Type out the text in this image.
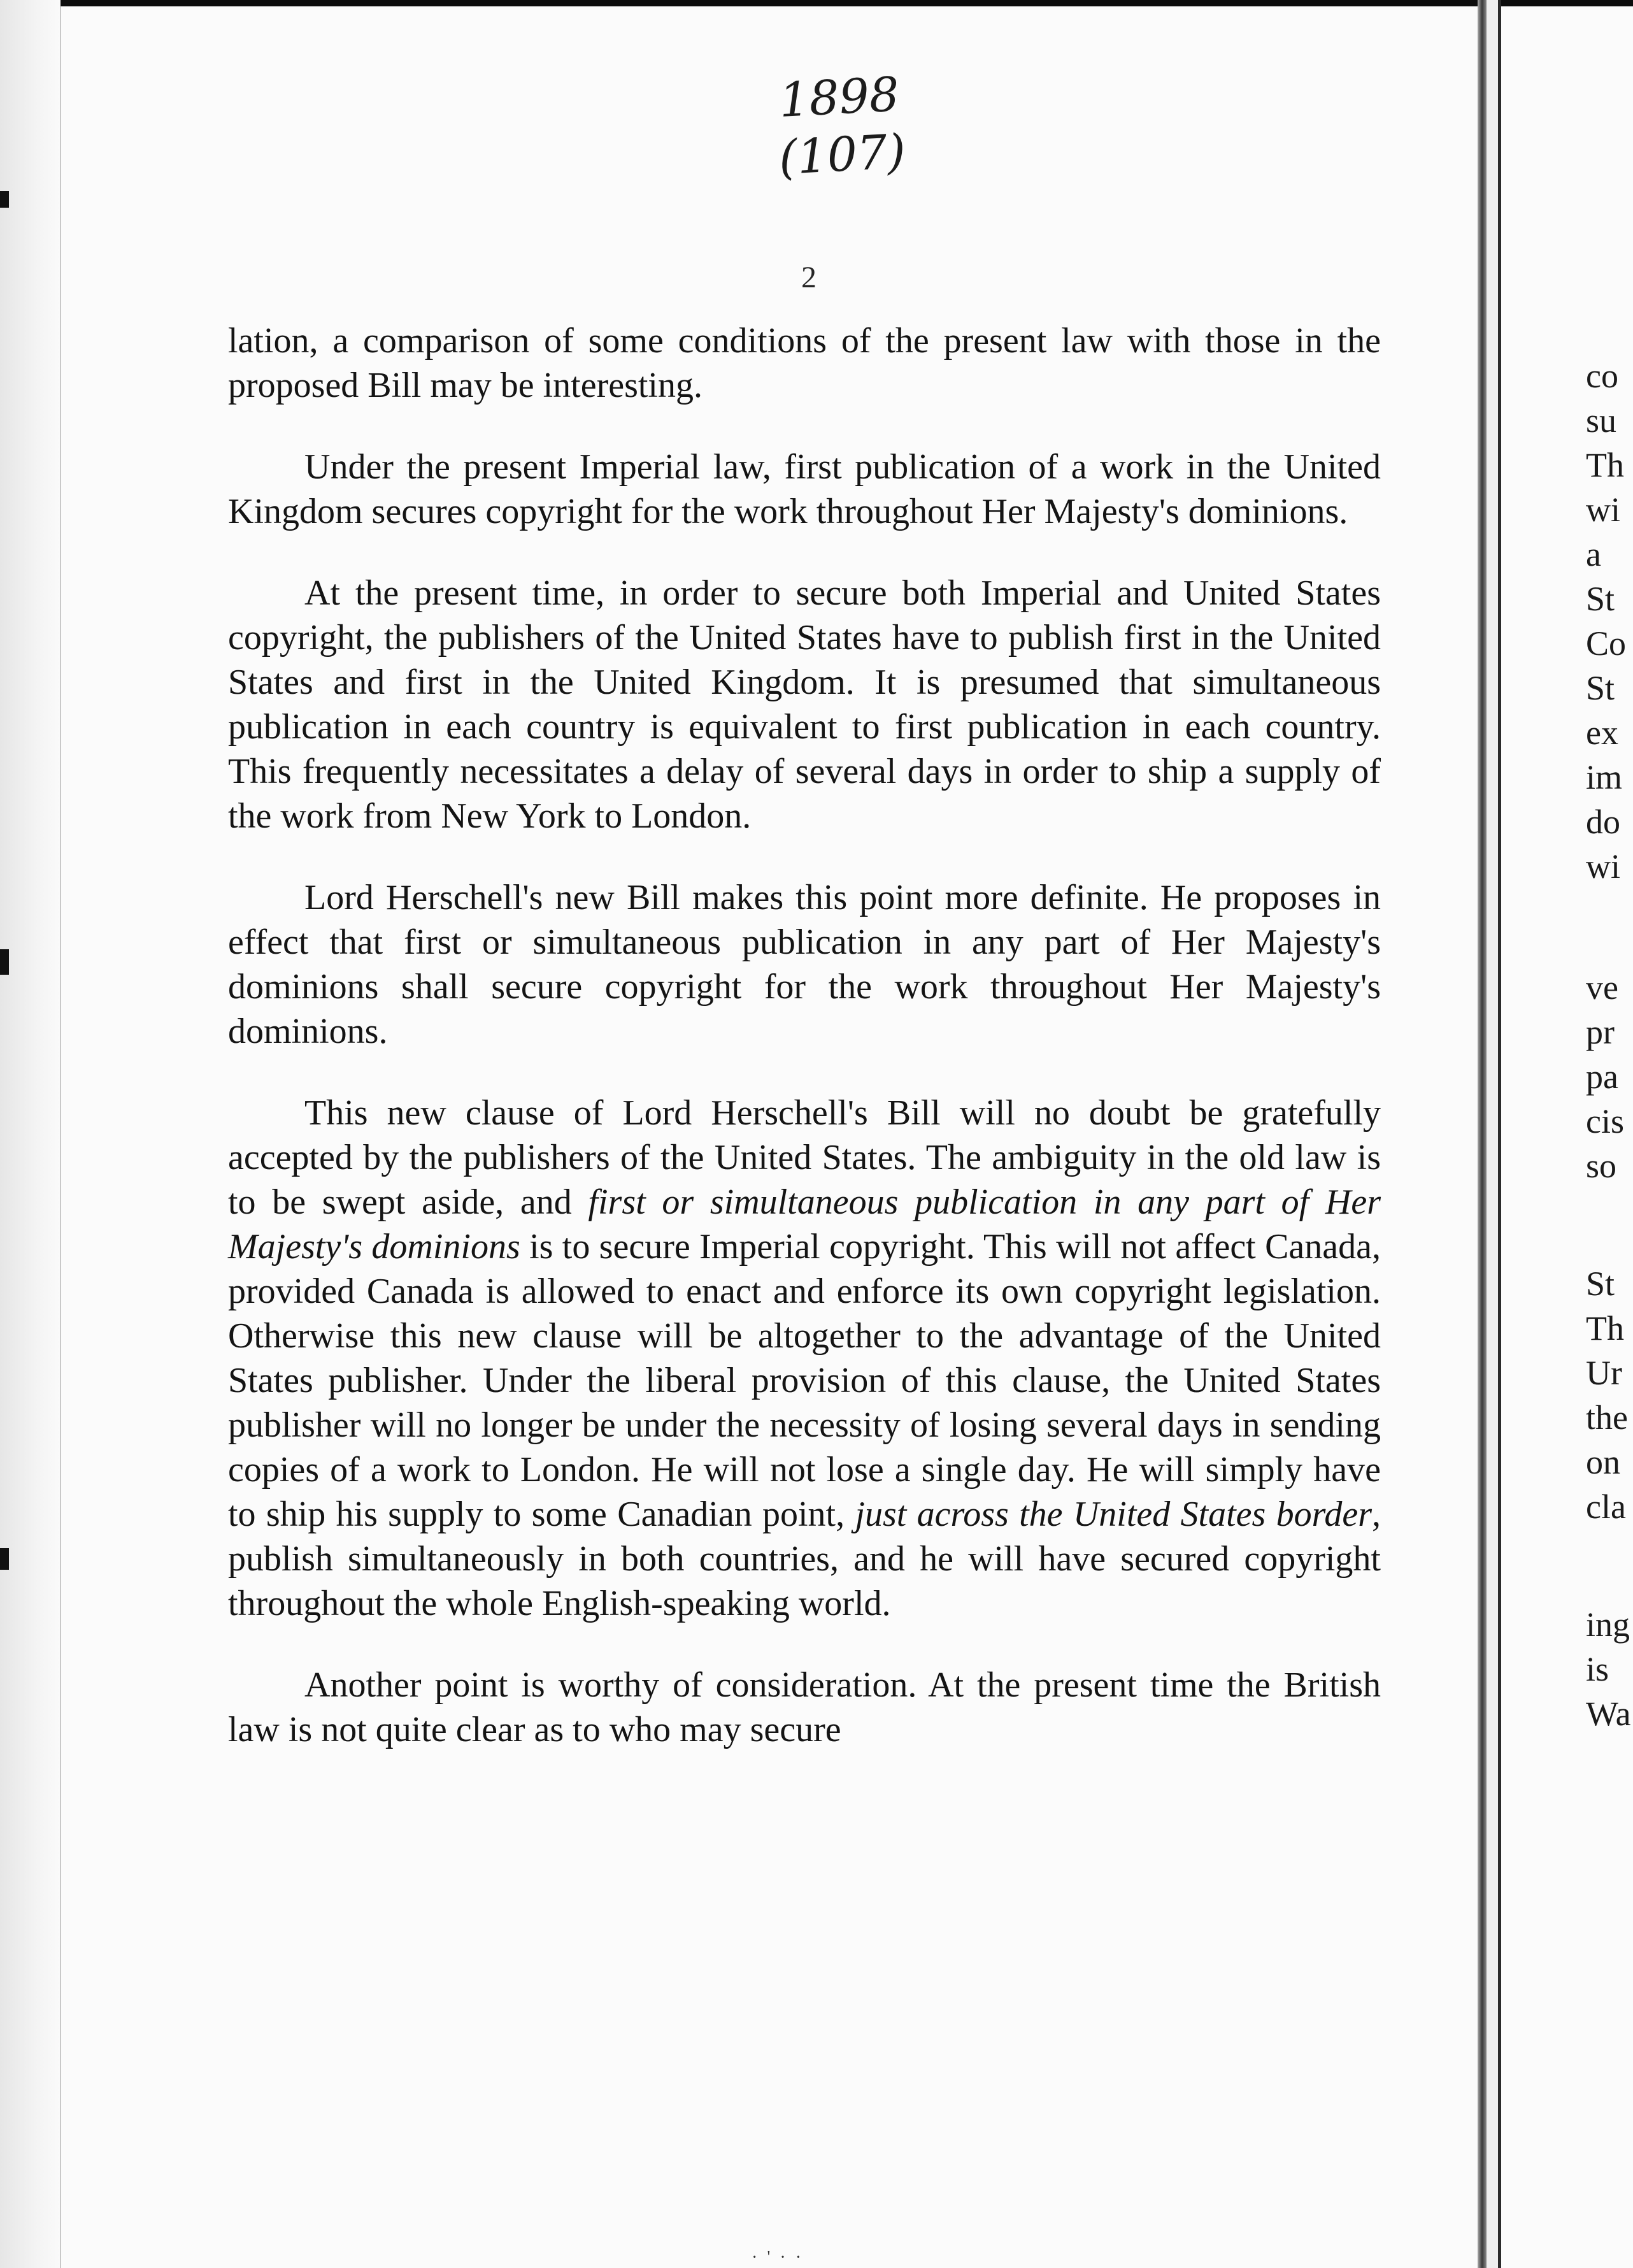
1898
(107)
2

lation, a comparison of some conditions of the present law with those in the proposed Bill may be interesting.

Under the present Imperial law, first publication of a work in the United Kingdom secures copyright for the work throughout Her Majesty's dominions.

At the present time, in order to secure both Imperial and United States copyright, the publishers of the United States have to publish first in the United States and first in the United Kingdom. It is presumed that simultaneous publication in each country is equivalent to first publication in each country. This frequently necessitates a delay of several days in order to ship a supply of the work from New York to London.

Lord Herschell's new Bill makes this point more definite. He proposes in effect that first or simultaneous publication in any part of Her Majesty's dominions shall secure copyright for the work throughout Her Majesty's dominions.

This new clause of Lord Herschell's Bill will no doubt be gratefully accepted by the publishers of the United States. The ambiguity in the old law is to be swept aside, and first or simultaneous publication in any part of Her Majesty's dominions is to secure Imperial copyright. This will not affect Canada, provided Canada is allowed to enact and enforce its own copyright legislation. Otherwise this new clause will be altogether to the advantage of the United States publisher. Under the liberal provision of this clause, the United States publisher will no longer be under the necessity of losing several days in sending copies of a work to London. He will not lose a single day. He will simply have to ship his supply to some Canadian point, just across the United States border, publish simultaneously in both countries, and he will have secured copyright throughout the whole English-speaking world.

Another point is worthy of consideration. At the present time the British law is not quite clear as to who may secure

co
su
Th
wi
a
St
Co
St
ex
im
do
wi
ve
pr
pa
cis
so
St
Th
Ur
the
on
cla
ing
is
Wa
· ' · ·
